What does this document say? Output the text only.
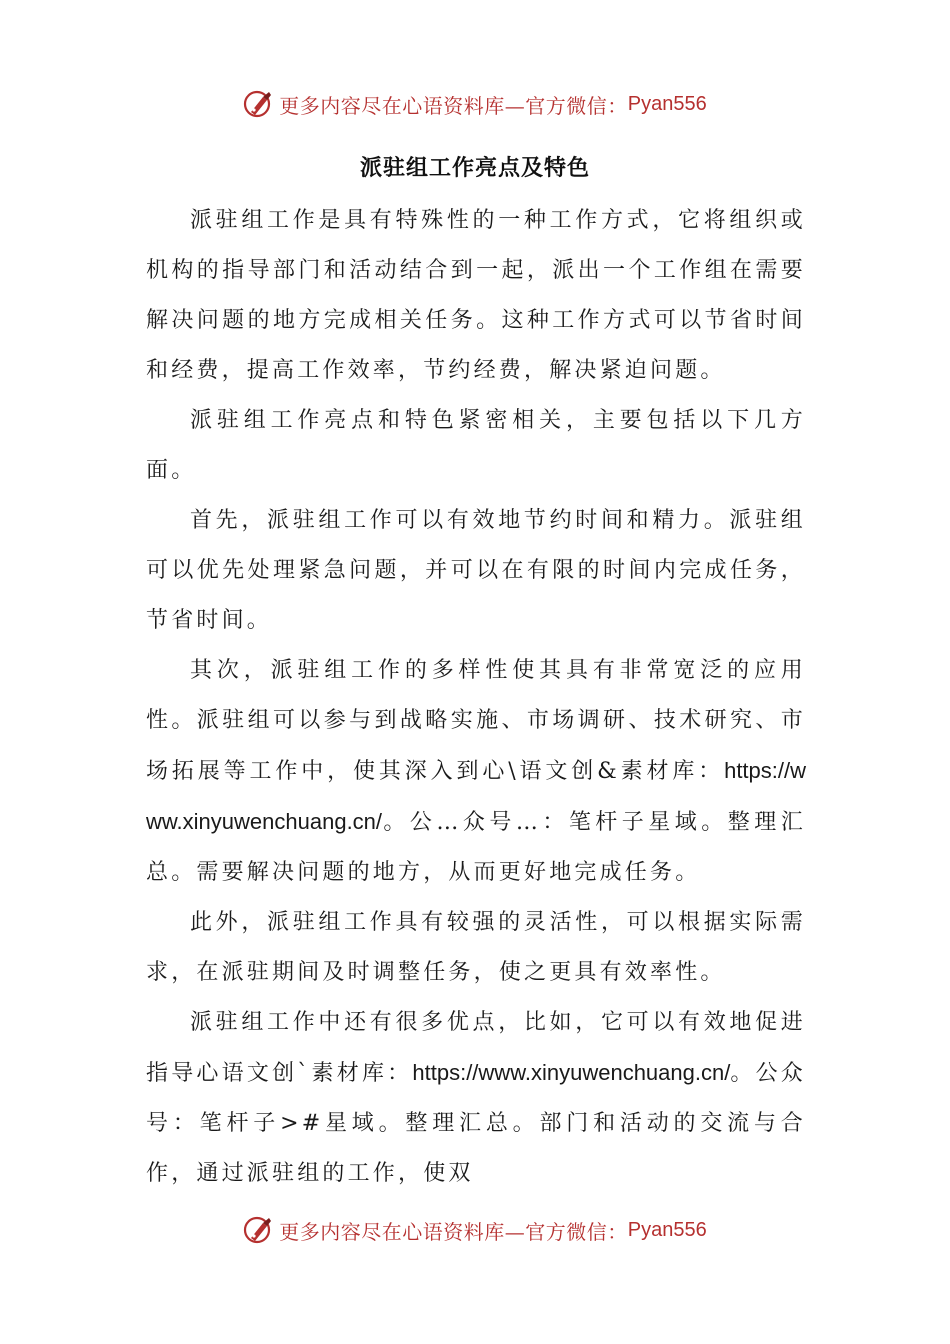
更多内容尽在心语资料库—官方微信： Pyan556
派驻组工作亮点及特色

派驻组工作是具有特殊性的一种工作方式，它将组织或机构的指导部门和活动结合到一起，派出一个工作组在需要解决问题的地方完成相关任务。这种工作方式可以节省时间和经费，提高工作效率，节约经费，解决紧迫问题。

派驻组工作亮点和特色紧密相关，主要包括以下几方面。

首先，派驻组工作可以有效地节约时间和精力。派驻组可以优先处理紧急问题，并可以在有限的时间内完成任务，节省时间。

其次，派驻组工作的多样性使其具有非常宽泛的应用性。派驻组可以参与到战略实施、市场调研、技术研究、市场拓展等工作中，使其深入到心\语文创&素材库：https://www.xinyuwenchuang.cn/。公…众号…：笔杆子星域。整理汇总。需要解决问题的地方，从而更好地完成任务。

此外，派驻组工作具有较强的灵活性，可以根据实际需求，在派驻期间及时调整任务，使之更具有效率性。

派驻组工作中还有很多优点，比如，它可以有效地促进指导心语文创`素材库：https://www.xinyuwenchuang.cn/。公众号：笔杆子>#星域。整理汇总。部门和活动的交流与合作，通过派驻组的工作，使双

更多内容尽在心语资料库—官方微信： Pyan556
